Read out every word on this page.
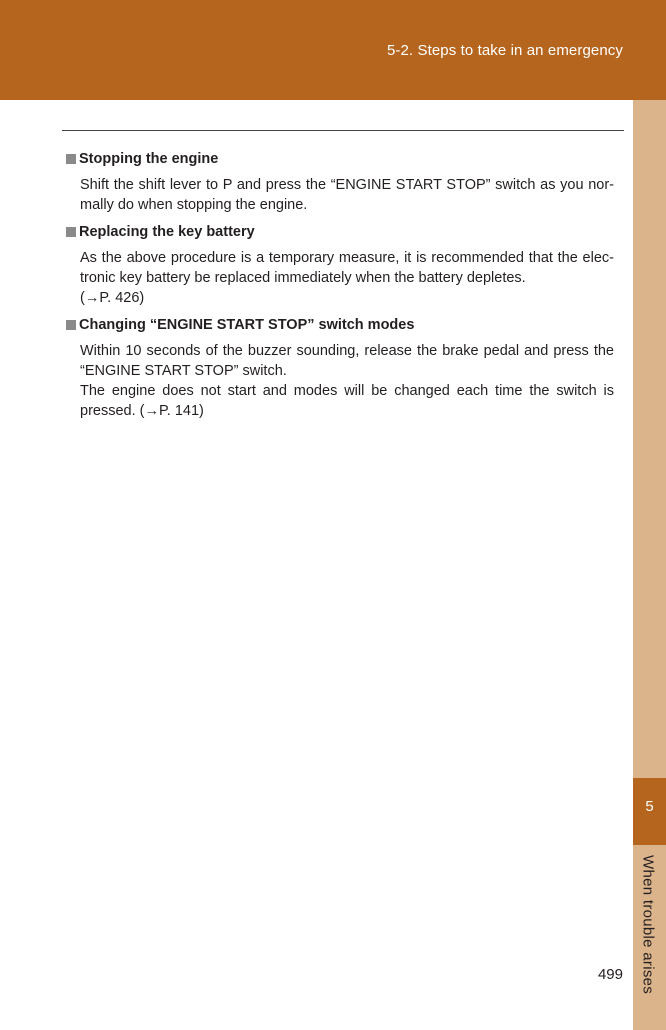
5-2. Steps to take in an emergency
5
When trouble arises
Stopping the engine
Shift the shift lever to P and press the “ENGINE START STOP” switch as you nor-mally do when stopping the engine.
Replacing the key battery
As the above procedure is a temporary measure, it is recommended that the elec-tronic key battery be replaced immediately when the battery depletes.
(→P. 426)
Changing “ENGINE START STOP” switch modes
Within 10 seconds of the buzzer sounding, release the brake pedal and press the “ENGINE START STOP” switch.
The engine does not start and modes will be changed each time the switch is pressed. (→P. 141)
499
